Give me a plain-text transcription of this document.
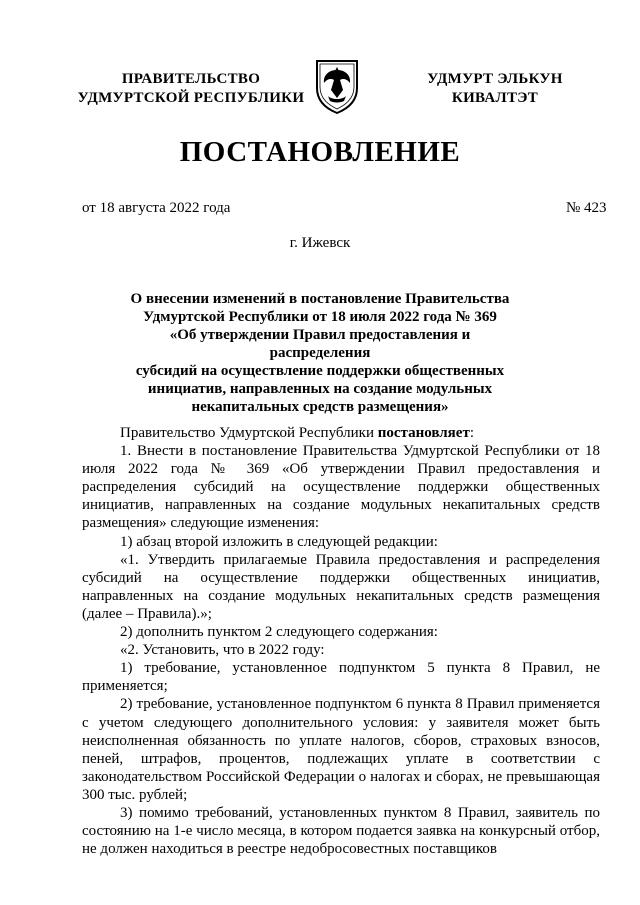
ПРАВИТЕЛЬСТВО
УДМУРТСКОЙ РЕСПУБЛИКИ
УДМУРТ ЭЛЬКУН
КИВАЛТЭТ
ПОСТАНОВЛЕНИЕ
от 18 августа 2022 года	№ 423
г. Ижевск
О внесении изменений в постановление Правительства
Удмуртской Республики от 18 июля 2022 года № 369
«Об утверждении Правил предоставления и распределения
субсидий на осуществление поддержки общественных
инициатив, направленных на создание модульных
некапитальных средств размещения»

Правительство Удмуртской Республики постановляет:

1. Внести в постановление Правительства Удмуртской Республики от 18 июля 2022 года № 369 «Об утверждении Правил предоставления и распределения субсидий на осуществление поддержки общественных инициатив, направленных на создание модульных некапитальных средств размещения» следующие изменения:

1) абзац второй изложить в следующей редакции:

«1. Утвердить прилагаемые Правила предоставления и распределения субсидий на осуществление поддержки общественных инициатив, направленных на создание модульных некапитальных средств размещения (далее – Правила).»;

2) дополнить пунктом 2 следующего содержания:

«2. Установить, что в 2022 году:

1) требование, установленное подпунктом 5 пункта 8 Правил, не применяется;

2) требование, установленное подпунктом 6 пункта 8 Правил применяется с учетом следующего дополнительного условия: у заявителя может быть неисполненная обязанность по уплате налогов, сборов, страховых взносов, пеней, штрафов, процентов, подлежащих уплате в соответствии с законодательством Российской Федерации о налогах и сборах, не превышающая 300 тыс. рублей;

3) помимо требований, установленных пунктом 8 Правил, заявитель по состоянию на 1-е число месяца, в котором подается заявка на конкурсный отбор, не должен находиться в реестре недобросовестных поставщиков
